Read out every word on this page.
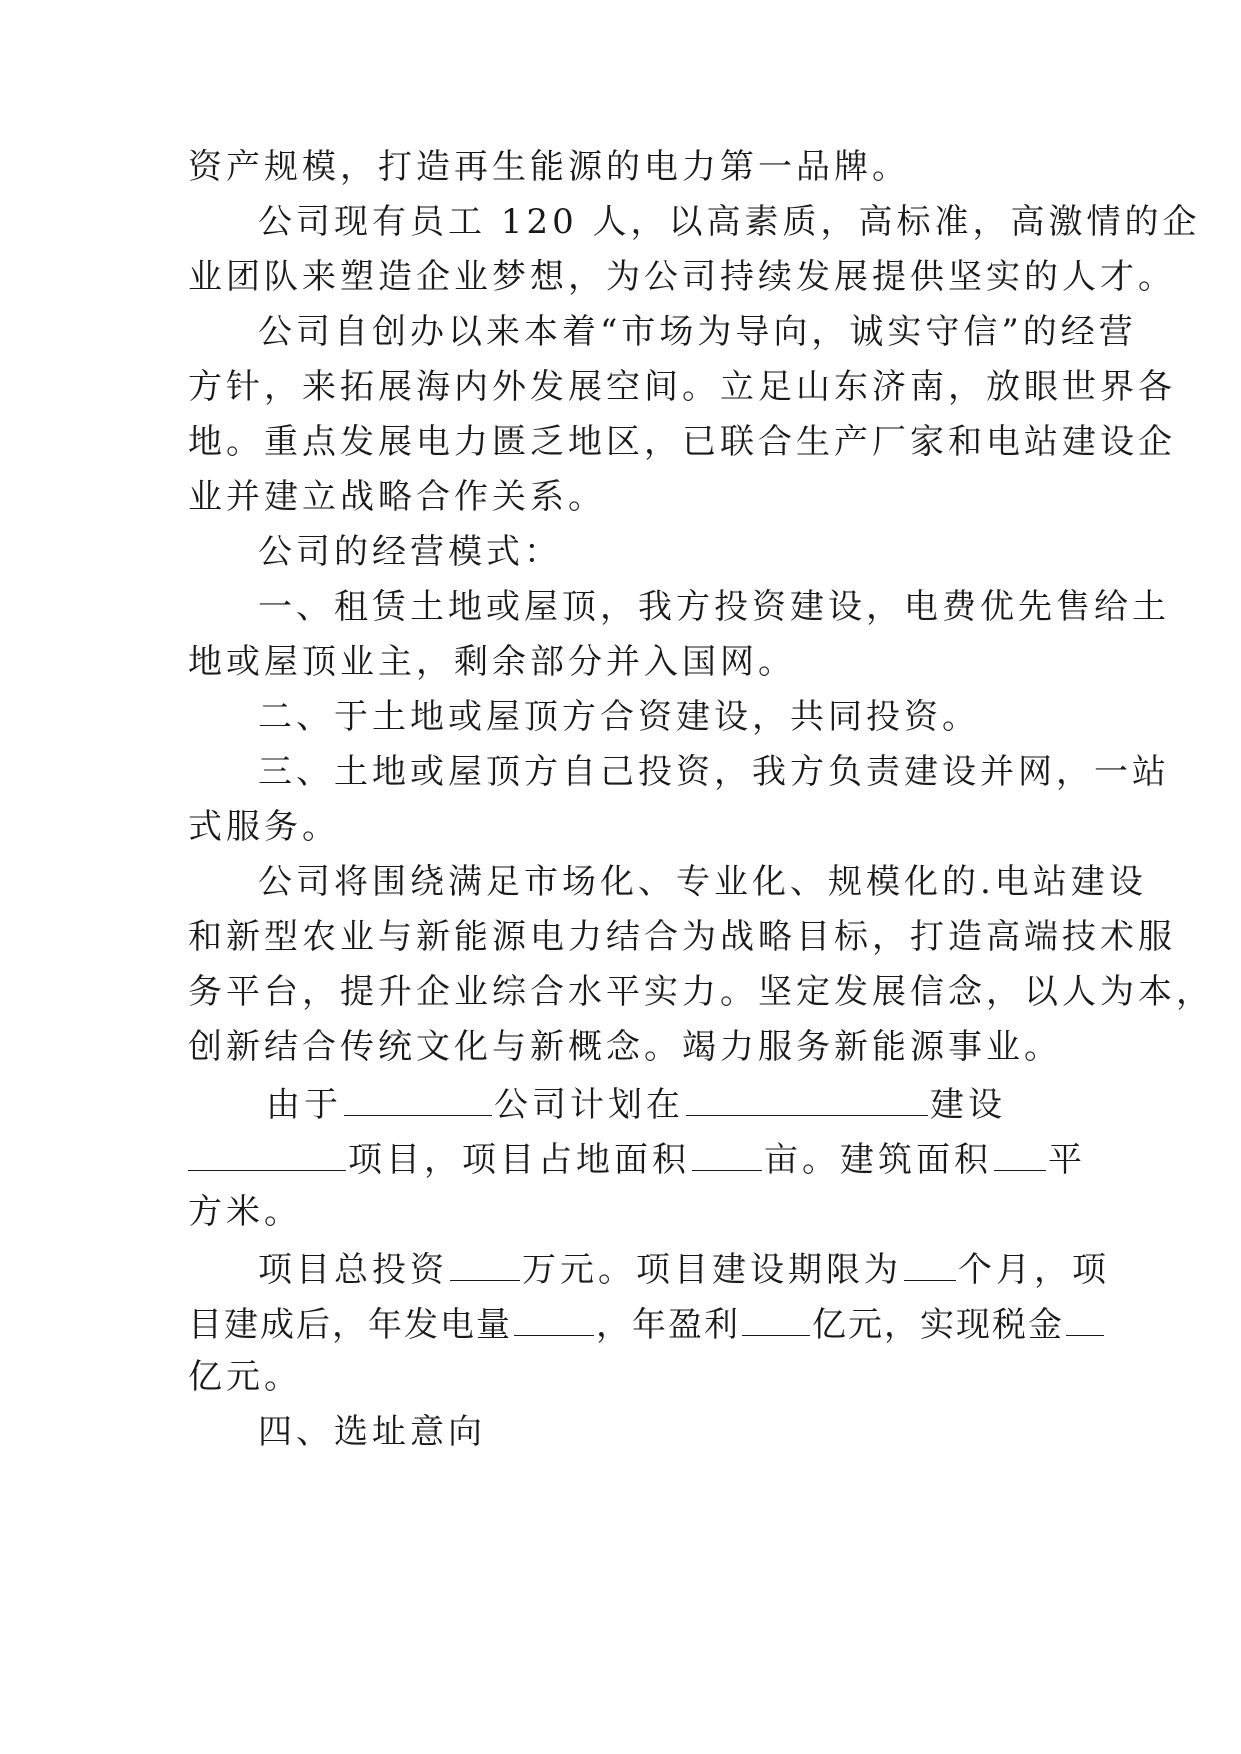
资产规模，打造再生能源的电力第一品牌。
公司现有员工 120 人，以高素质，高标准，高激情的企
业团队来塑造企业梦想，为公司持续发展提供坚实的人才。
公司自创办以来本着“市场为导向，诚实守信”的经营
方针，来拓展海内外发展空间。立足山东济南，放眼世界各
地。重点发展电力匮乏地区，已联合生产厂家和电站建设企
业并建立战略合作关系。
公司的经营模式：
一、租赁土地或屋顶，我方投资建设，电费优先售给土
地或屋顶业主，剩余部分并入国网。
二、于土地或屋顶方合资建设，共同投资。
三、土地或屋顶方自己投资，我方负责建设并网，一站
式服务。
公司将围绕满足市场化、专业化、规模化的.电站建设
和新型农业与新能源电力结合为战略目标，打造高端技术服
务平台，提升企业综合水平实力。坚定发展信念，以人为本，
创新结合传统文化与新概念。竭力服务新能源事业。
由于	公司计划在	建设
项目，项目占地面积 亩。建筑面积 平
方米。
项目总投资 万元。项目建设期限为 个月，项
目建成后，年发电量 ，年盈利 亿元，实现税金
亿元。
四、选址意向
